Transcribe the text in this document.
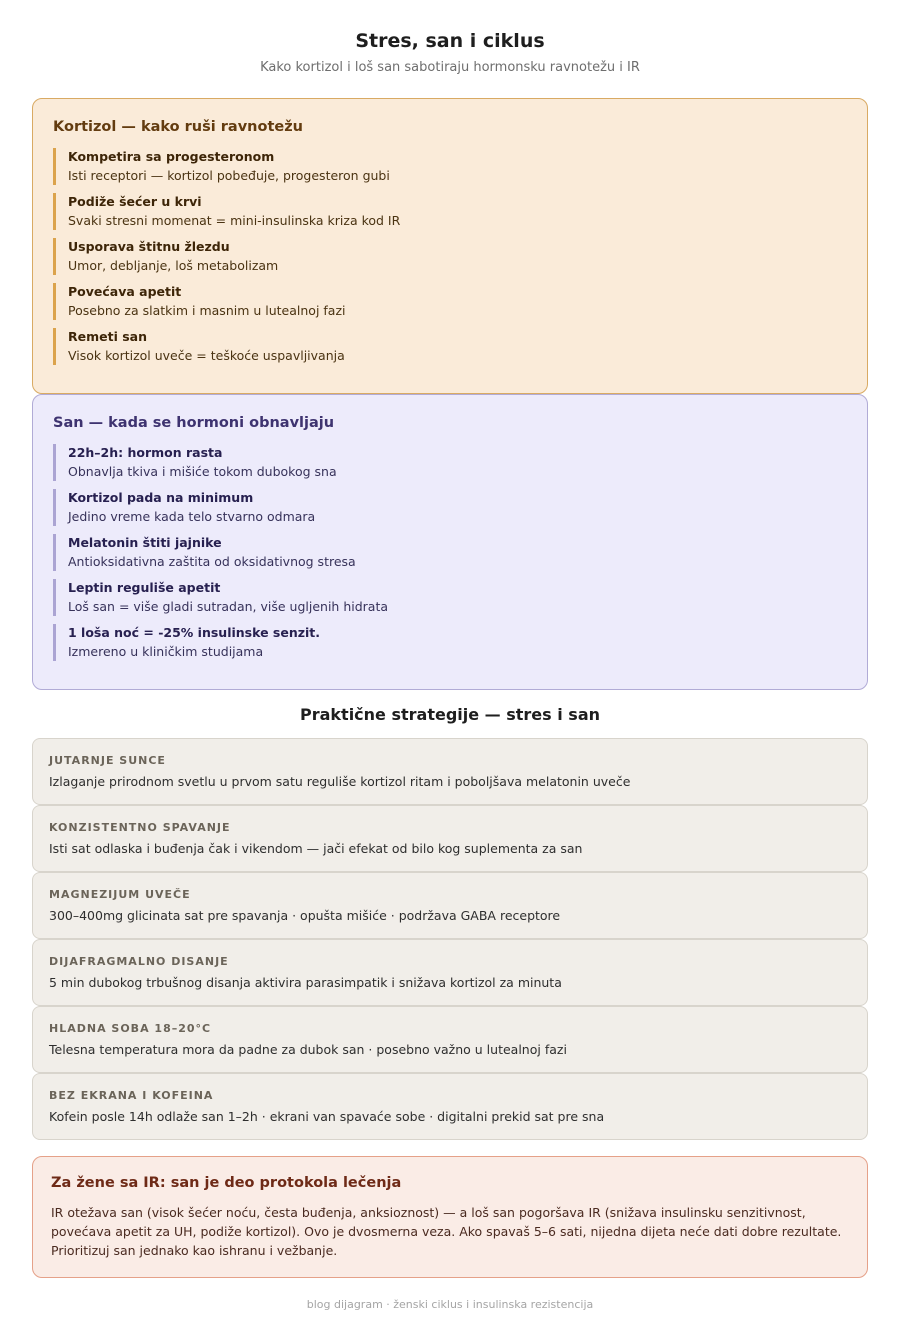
Stres, san i ciklus
Kako kortizol i loš san sabotiraju hormonsku ravnotežu i IR
Kortizol — kako ruši ravnotežu
Kompetira sa progesteronom
Isti receptori — kortizol pobeđuje, progesteron gubi
Podiže šećer u krvi
Svaki stresni momenat = mini-insulinska kriza kod IR
Usporava štitnu žlezdu
Umor, debljanje, loš metabolizam
Povećava apetit
Posebno za slatkim i masnim u lutealnoj fazi
Remeti san
Visok kortizol uveče = teškoće uspavljivanja
San — kada se hormoni obnavljaju
22h–2h: hormon rasta
Obnavlja tkiva i mišiće tokom dubokog sna
Kortizol pada na minimum
Jedino vreme kada telo stvarno odmara
Melatonin štiti jajnike
Antioksidativna zaštita od oksidativnog stresa
Leptin reguliše apetit
Loš san = više gladi sutradan, više ugljenih hidrata
1 loša noć = -25% insulinske senzit.
Izmereno u kliničkim studijama
Praktične strategije — stres i san
JUTARNJE SUNCE
Izlaganje prirodnom svetlu u prvom satu reguliše kortizol ritam i poboljšava melatonin uveče
KONZISTENTNO SPAVANJE
Isti sat odlaska i buđenja čak i vikendom — jači efekat od bilo kog suplementa za san
MAGNEZIJUM UVEČE
300–400mg glicinata sat pre spavanja · opušta mišiće · podržava GABA receptore
DIJAFRAGMALNO DISANJE
5 min dubokog trbušnog disanja aktivira parasimpatik i snižava kortizol za minuta
HLADNA SOBA 18–20°C
Telesna temperatura mora da padne za dubok san · posebno važno u lutealnoj fazi
BEZ EKRANA I KOFEINA
Kofein posle 14h odlaže san 1–2h · ekrani van spavaće sobe · digitalni prekid sat pre sna
Za žene sa IR: san je deo protokola lečenja
IR otežava san (visok šećer noću, česta buđenja, anksioznost) — a loš san pogoršava IR (snižava insulinsku senzitivnost, povećava apetit za UH, podiže kortizol). Ovo je dvosmerna veza. Ako spavaš 5–6 sati, nijedna dijeta neće dati dobre rezultate. Prioritizuj san jednako kao ishranu i vežbanje.
blog dijagram · ženski ciklus i insulinska rezistencija
